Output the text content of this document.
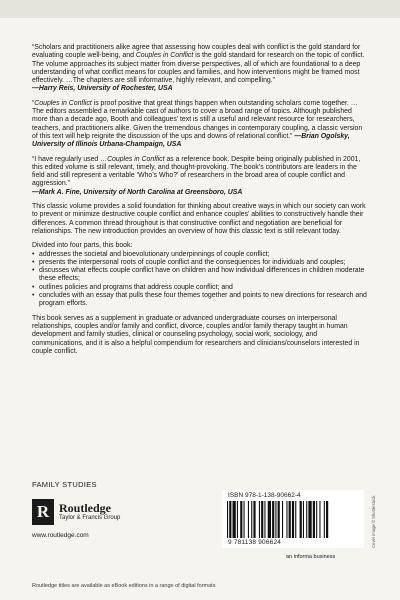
“Scholars and practitioners alike agree that assessing how couples deal with conflict is the gold standard for evaluating couple well-being, and Couples in Conflict is the gold standard for research on the topic of conflict. The volume approaches its subject matter from diverse perspectives, all of which are foundational to a deep understanding of what conflict means for couples and families, and how interventions might be framed most effectively. …The chapters are still informative, highly relevant, and compelling.”
—Harry Reis, University of Rochester, USA

“Couples in Conflict is proof positive that great things happen when outstanding scholars come together. … The editors assembled a remarkable cast of authors to cover a broad range of topics. Although published more than a decade ago, Booth and colleagues’ text is still a useful and relevant resource for researchers, teachers, and practitioners alike. Given the tremendous changes in contemporary coupling, a classic version of this text will help reignite the discussion of the ups and downs of relational conflict.” —Brian Ogolsky, University of Illinois Urbana-Champaign, USA

“I have regularly used …Couples in Conflict as a reference book. Despite being originally published in 2001, this edited volume is still relevant, timely, and thought-provoking. The book’s contributors are leaders in the field and still represent a veritable ‘Who’s Who?’ of researchers in the broad area of couple conflict and aggression.”
—Mark A. Fine, University of North Carolina at Greensboro, USA

This classic volume provides a solid foundation for thinking about creative ways in which our society can work to prevent or minimize destructive couple conflict and enhance couples’ abilities to constructively handle their differences. A common thread throughout is that constructive conflict and negotiation are beneficial for relationships. The new introduction provides an overview of how this classic text is still relevant today.

Divided into four parts, this book:

• addresses the societal and bioevolutionary underpinnings of couple conflict;
• presents the interpersonal roots of couple conflict and the consequences for individuals and couples;
• discusses what effects couple conflict have on children and how individual differences in children moderate these effects;
• outlines policies and programs that address couple conflict; and
• concludes with an essay that pulls these four themes together and points to new directions for research and program efforts.

This book serves as a supplement in graduate or advanced undergraduate courses on interpersonal relationships, couples and/or family and conflict, divorce, couples and/or family therapy taught in human development and family studies, clinical or counseling psychology, social work, sociology, and communications, and it is also a helpful compendium for researchers and clinicians/counselors interested in couple conflict.

FAMILY STUDIES
R Routledge
Taylor & Francis Group
www.routledge.com
ISBN 978-1-138-90662-4
9 781138 906624	Cover image © Shutterstock
an informa business
Routledge titles are available as eBook editions in a range of digital formats
